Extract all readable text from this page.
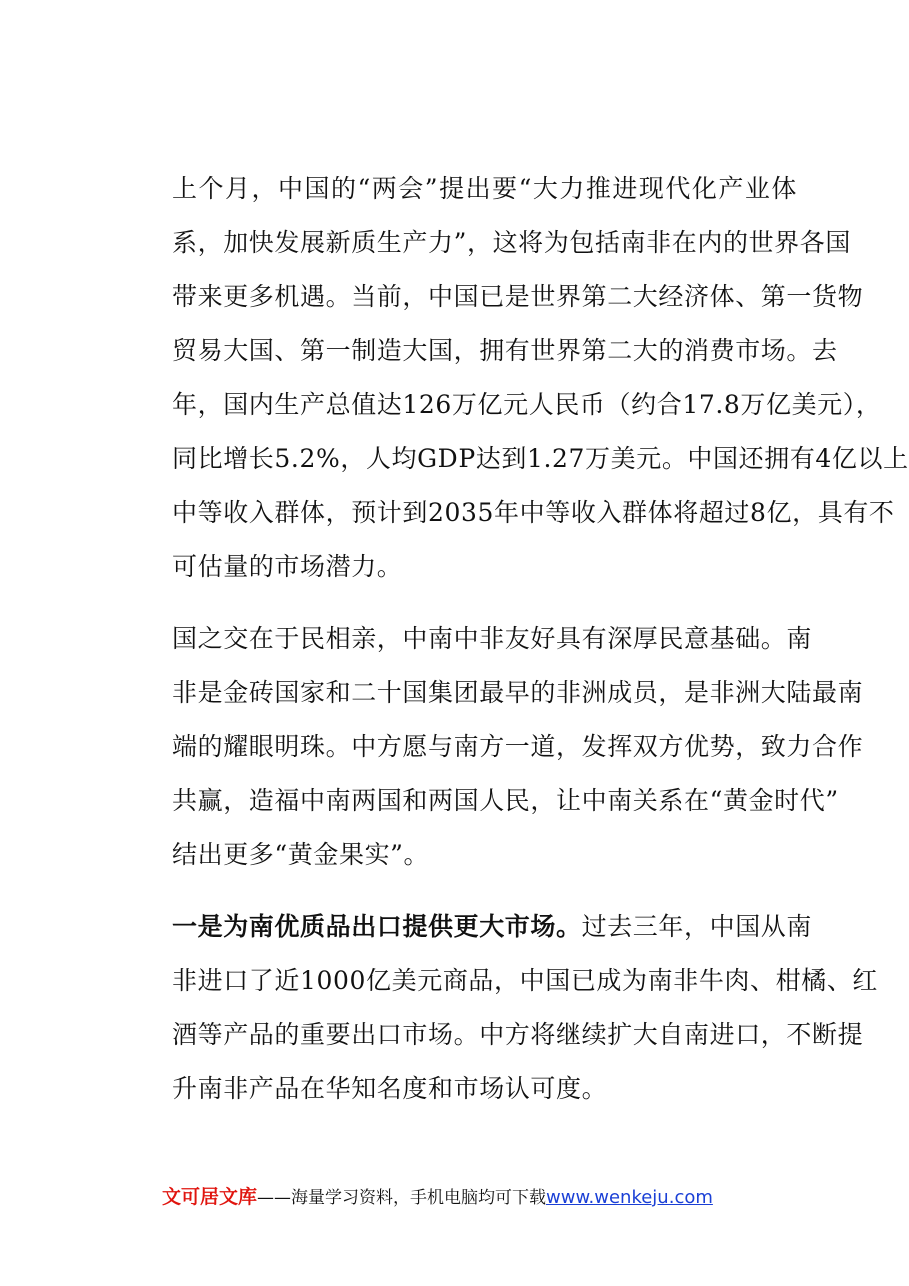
上个月，中国的“两会”提出要“大力推进现代化产业体
系，加快发展新质生产力”，这将为包括南非在内的世界各国
带来更多机遇。当前，中国已是世界第二大经济体、第一货物
贸易大国、第一制造大国，拥有世界第二大的消费市场。去
年，国内生产总值达126万亿元人民币（约合17.8万亿美元），
同比增长5.2%，人均GDP达到1.27万美元。中国还拥有4亿以上
中等收入群体，预计到2035年中等收入群体将超过8亿，具有不
可估量的市场潜力。
国之交在于民相亲，中南中非友好具有深厚民意基础。南
非是金砖国家和二十国集团最早的非洲成员，是非洲大陆最南
端的耀眼明珠。中方愿与南方一道，发挥双方优势，致力合作
共赢，造福中南两国和两国人民，让中南关系在“黄金时代”
结出更多“黄金果实”。
一是为南优质品出口提供更大市场。过去三年，中国从南
非进口了近1000亿美元商品，中国已成为南非牛肉、柑橘、红
酒等产品的重要出口市场。中方将继续扩大自南进口，不断提
升南非产品在华知名度和市场认可度。
文可居文库——海量学习资料，手机电脑均可下载www.wenkeju.com
